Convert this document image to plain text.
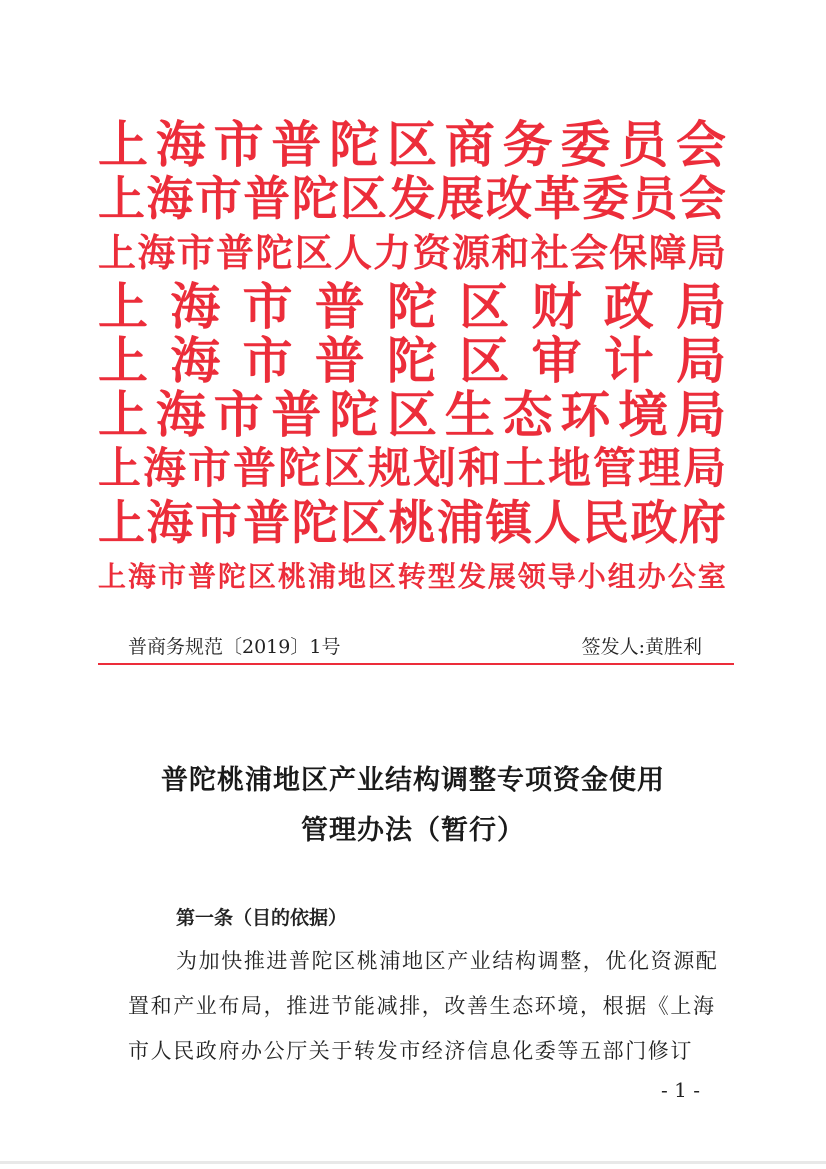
上 海 市 普 陀 区 商 务 委 员 会
上 海 市 普 陀 区 发 展 改 革 委 员 会
上 海 市 普 陀 区 人 力 资 源 和 社 会 保 障 局
上 海 市 普 陀 区 财 政 局
上 海 市 普 陀 区 审 计 局
上 海 市 普 陀 区 生 态 环 境 局
上 海 市 普 陀 区 规 划 和 土 地 管 理 局
上 海 市 普 陀 区 桃 浦 镇 人 民 政 府
上 海 市 普 陀 区 桃 浦 地 区 转 型 发 展 领 导 小 组 办 公 室
普商务规范〔2019〕1号	签发人:黄胜利
普陀桃浦地区产业结构调整专项资金使用
管理办法（暂行）
第一条（目的依据）
为加快推进普陀区桃浦地区产业结构调整，优化资源配
置和产业布局，推进节能减排，改善生态环境，根据《上海
市人民政府办公厅关于转发市经济信息化委等五部门修订
- 1 -
